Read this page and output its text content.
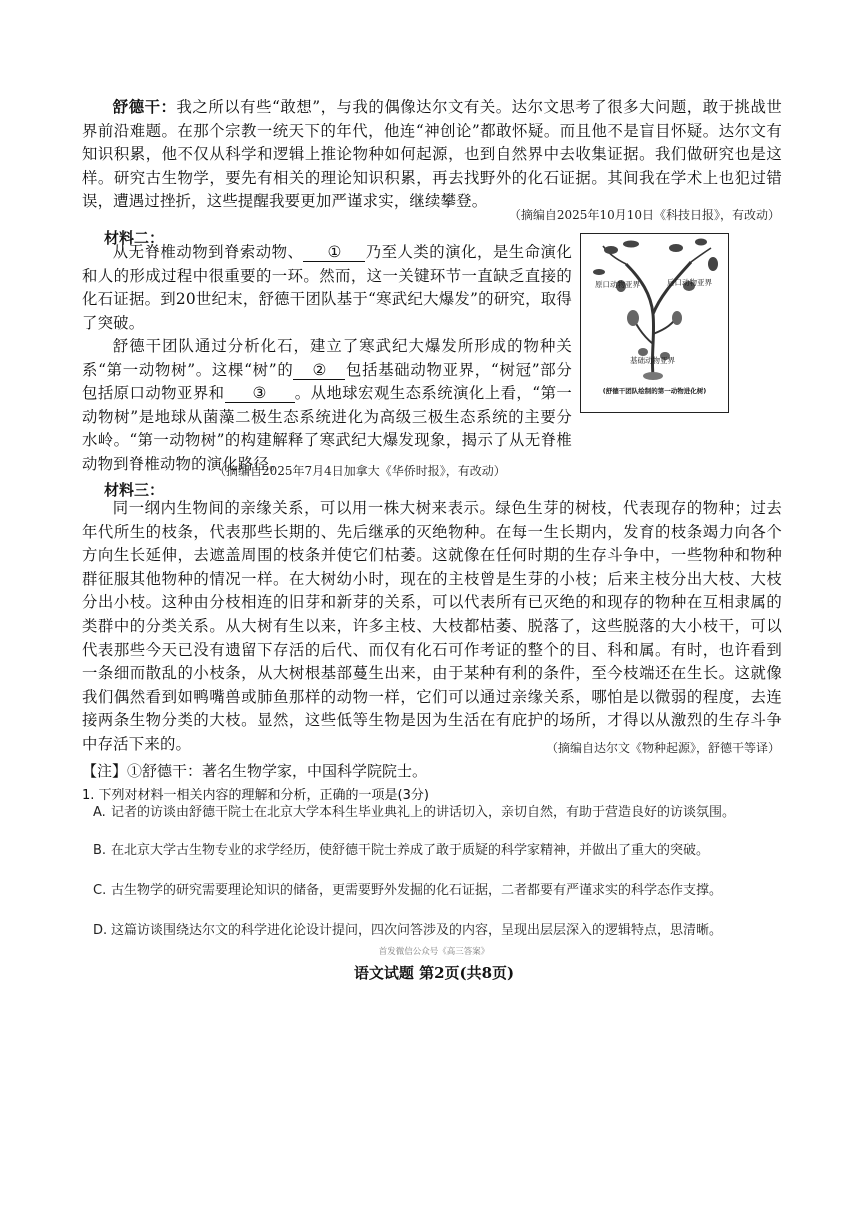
舒德干：我之所以有些“敢想”，与我的偶像达尔文有关。达尔文思考了很多大问题，敢于挑战世界前沿难题。在那个宗教一统天下的年代，他连“神创论”都敢怀疑。而且他不是盲目怀疑。达尔文有知识积累，他不仅从科学和逻辑上推论物种如何起源，也到自然界中去收集证据。我们做研究也是这样。研究古生物学，要先有相关的理论知识积累，再去找野外的化石证据。其间我在学术上也犯过错误，遭遇过挫折，这些提醒我要更加严谨求实，继续攀登。
（摘编自2025年10月10日《科技日报》，有改动）
材料二：
从无脊椎动物到脊索动物、 ① 乃至人类的演化，是生命演化和人的形成过程中很重要的一环。然而，这一关键环节一直缺乏直接的化石证据。到20世纪末，舒德干团队基于“寒武纪大爆发”的研究，取得了突破。
舒德干团队通过分析化石，建立了寒武纪大爆发所形成的物种关系“第一动物树”。这棵“树”的 ② 包括基础动物亚界，“树冠”部分包括原口动物亚界和 ③ 。从地球宏观生态系统演化上看，“第一动物树”是地球从菌藻二极生态系统进化为高级三极生态系统的主要分水岭。“第一动物树”的构建解释了寒武纪大爆发现象，揭示了从无脊椎动物到脊椎动物的演化路径。
（摘编自2025年7月4日加拿大《华侨时报》，有改动）
原口动物亚界	后口动物亚界
基础动物亚界
(舒德干团队绘制的第一动物进化树)
材料三：
同一纲内生物间的亲缘关系，可以用一株大树来表示。绿色生芽的树枝，代表现存的物种；过去年代所生的枝条，代表那些长期的、先后继承的灭绝物种。在每一生长期内，发育的枝条竭力向各个方向生长延伸，去遮盖周围的枝条并使它们枯萎。这就像在任何时期的生存斗争中，一些物种和物种群征服其他物种的情况一样。在大树幼小时，现在的主枝曾是生芽的小枝；后来主枝分出大枝、大枝分出小枝。这种由分枝相连的旧芽和新芽的关系，可以代表所有已灭绝的和现存的物种在互相隶属的类群中的分类关系。从大树有生以来，许多主枝、大枝都枯萎、脱落了，这些脱落的大小枝干，可以代表那些今天已没有遗留下存活的后代、而仅有化石可作考证的整个的目、科和属。有时，也许看到一条细而散乱的小枝条，从大树根基部蔓生出来，由于某种有利的条件，至今枝端还在生长。这就像我们偶然看到如鸭嘴兽或肺鱼那样的动物一样，它们可以通过亲缘关系，哪怕是以微弱的程度，去连接两条生物分类的大枝。显然，这些低等生物是因为生活在有庇护的场所，才得以从激烈的生存斗争中存活下来的。	（摘编自达尔文《物种起源》，舒德干等译）
【注】①舒德干：著名生物学家，中国科学院院士。
1. 下列对材料一相关内容的理解和分析，正确的一项是(3分)
A. 记者的访谈由舒德干院士在北京大学本科生毕业典礼上的讲话切入，亲切自然，有助于营造良好的访谈氛围。
B. 在北京大学古生物专业的求学经历，使舒德干院士养成了敢于质疑的科学家精神，并做出了重大的突破。
C. 古生物学的研究需要理论知识的储备，更需要野外发掘的化石证据，二者都要有严谨求实的科学态作支撑。
D. 这篇访谈围绕达尔文的科学进化论设计提问，四次问答涉及的内容，呈现出层层深入的逻辑特点，思清晰。
首发微信公众号《高三答案》
语文试题 第2页(共8页)
